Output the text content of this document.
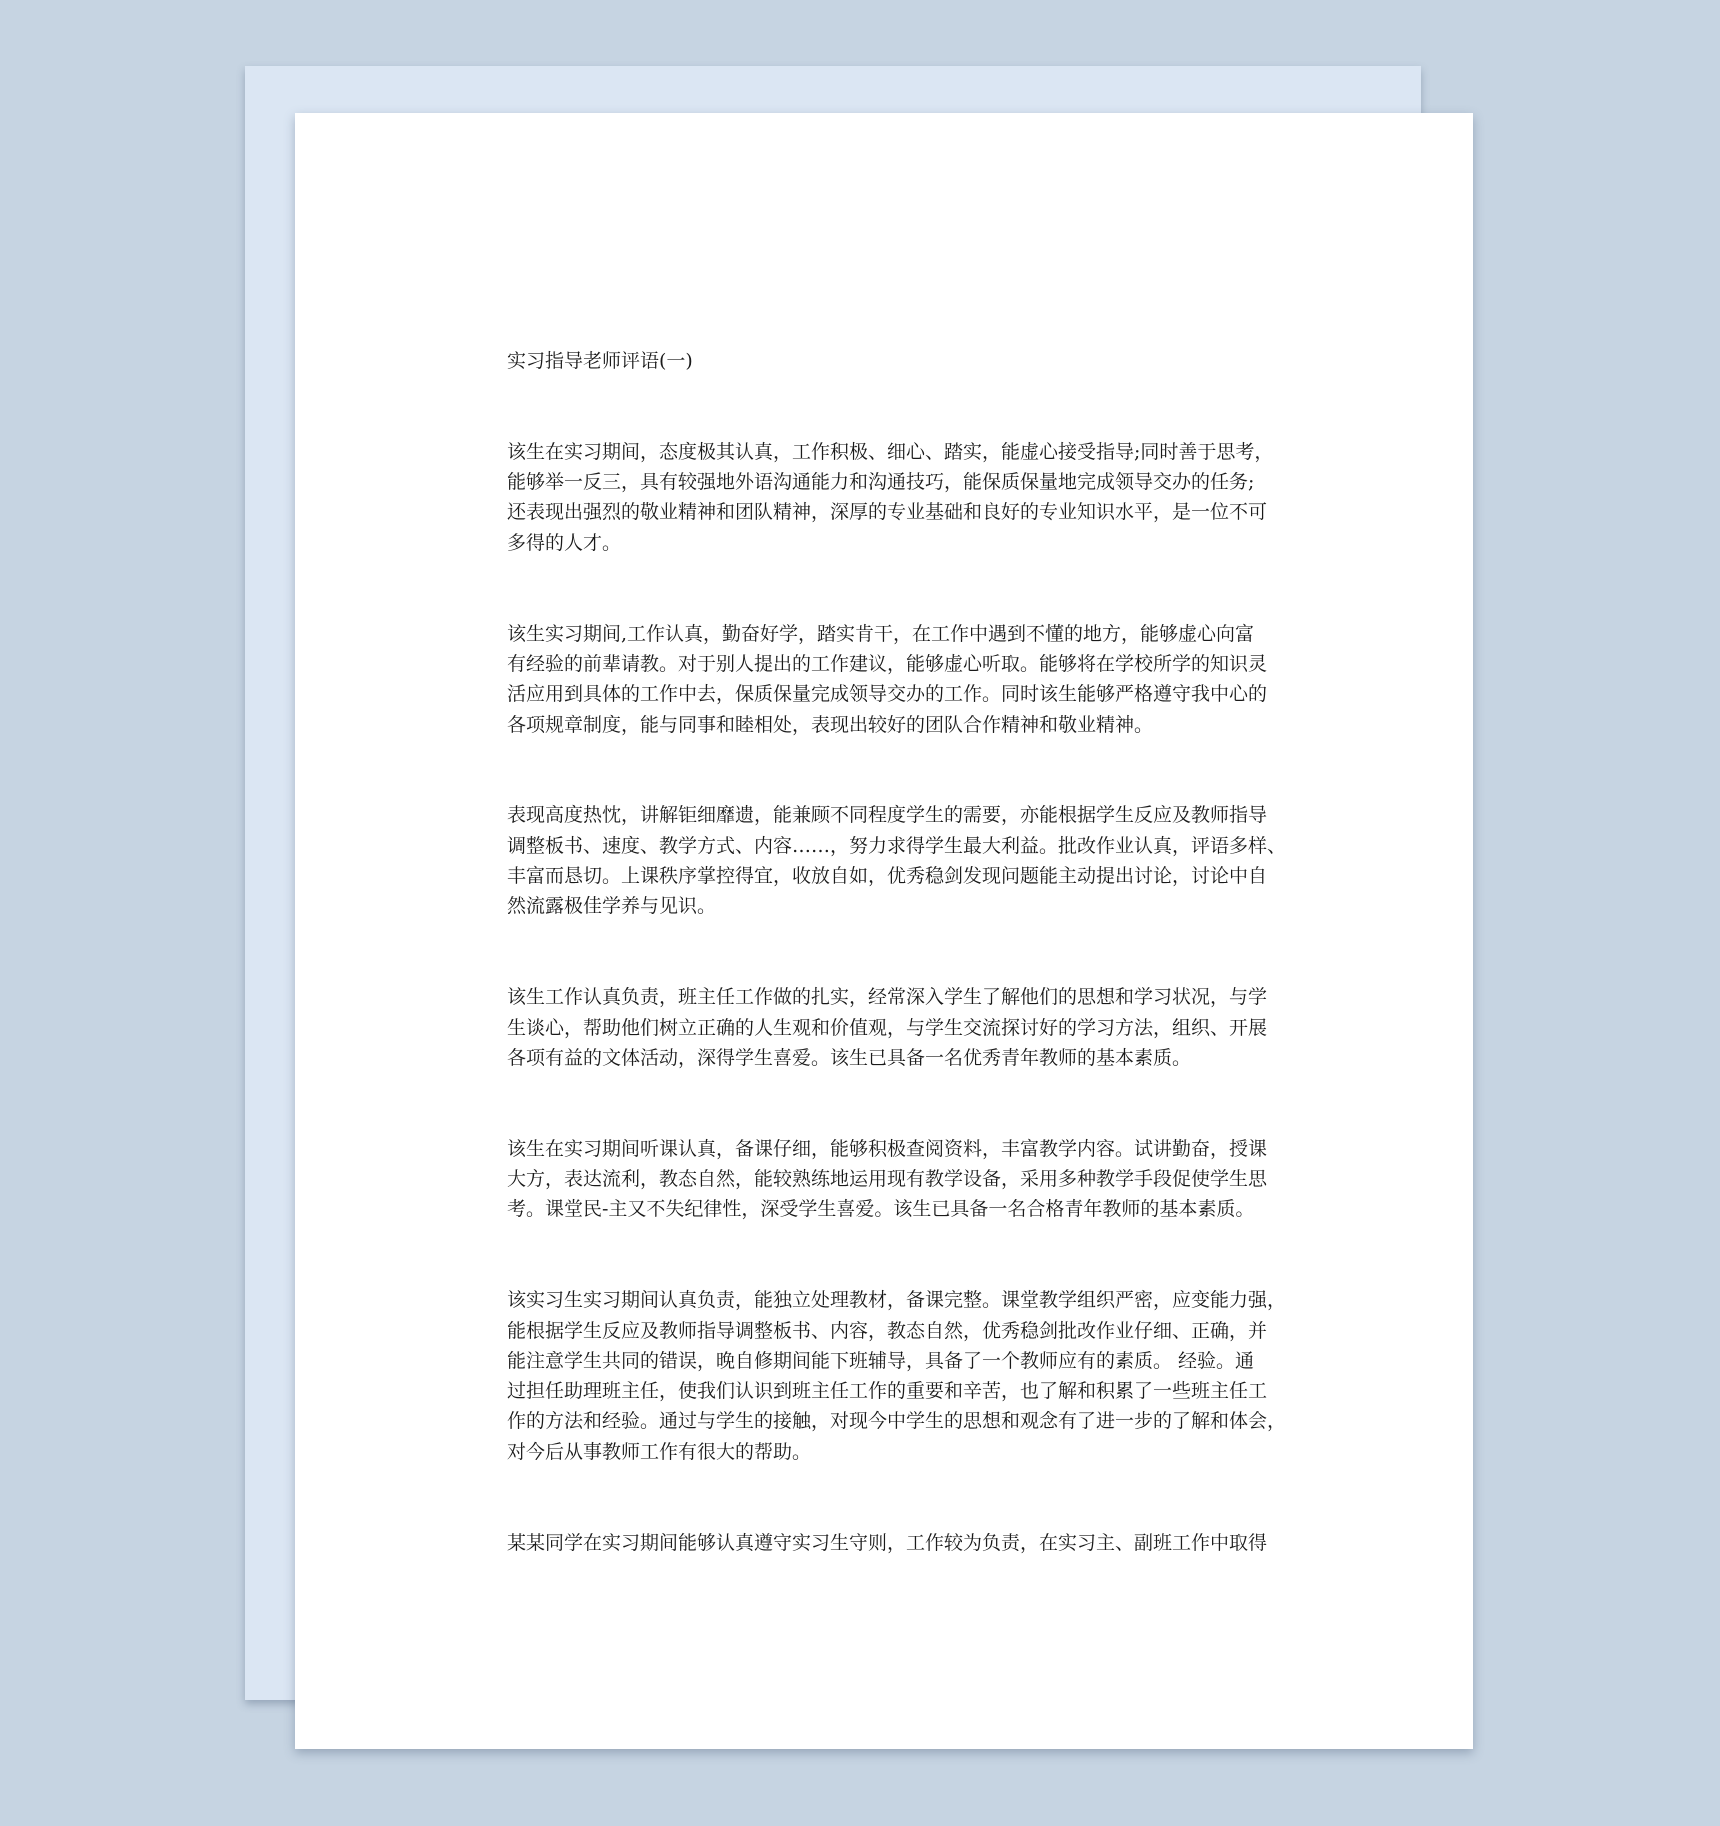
实习指导老师评语(一)
该生在实习期间，态度极其认真，工作积极、细心、踏实，能虚心接受指导;同时善于思考，
能够举一反三，具有较强地外语沟通能力和沟通技巧，能保质保量地完成领导交办的任务;
还表现出强烈的敬业精神和团队精神，深厚的专业基础和良好的专业知识水平，是一位不可
多得的人才。
该生实习期间,工作认真，勤奋好学，踏实肯干，在工作中遇到不懂的地方，能够虚心向富
有经验的前辈请教。对于别人提出的工作建议，能够虚心听取。能够将在学校所学的知识灵
活应用到具体的工作中去，保质保量完成领导交办的工作。同时该生能够严格遵守我中心的
各项规章制度，能与同事和睦相处，表现出较好的团队合作精神和敬业精神。
表现高度热忱，讲解钜细靡遗，能兼顾不同程度学生的需要，亦能根据学生反应及教师指导
调整板书、速度、教学方式、内容……，努力求得学生最大利益。批改作业认真，评语多样、
丰富而恳切。上课秩序掌控得宜，收放自如，优秀稳剑发现问题能主动提出讨论，讨论中自
然流露极佳学养与见识。
该生工作认真负责，班主任工作做的扎实，经常深入学生了解他们的思想和学习状况，与学
生谈心，帮助他们树立正确的人生观和价值观，与学生交流探讨好的学习方法，组织、开展
各项有益的文体活动，深得学生喜爱。该生已具备一名优秀青年教师的基本素质。
该生在实习期间听课认真，备课仔细，能够积极查阅资料，丰富教学内容。试讲勤奋，授课
大方，表达流利，教态自然，能较熟练地运用现有教学设备，采用多种教学手段促使学生思
考。课堂民-主又不失纪律性，深受学生喜爱。该生已具备一名合格青年教师的基本素质。
该实习生实习期间认真负责，能独立处理教材，备课完整。课堂教学组织严密，应变能力强，
能根据学生反应及教师指导调整板书、内容，教态自然，优秀稳剑批改作业仔细、正确，并
能注意学生共同的错误，晚自修期间能下班辅导，具备了一个教师应有的素质。 经验。通
过担任助理班主任，使我们认识到班主任工作的重要和辛苦，也了解和积累了一些班主任工
作的方法和经验。通过与学生的接触，对现今中学生的思想和观念有了进一步的了解和体会，
对今后从事教师工作有很大的帮助。
某某同学在实习期间能够认真遵守实习生守则，工作较为负责，在实习主、副班工作中取得
